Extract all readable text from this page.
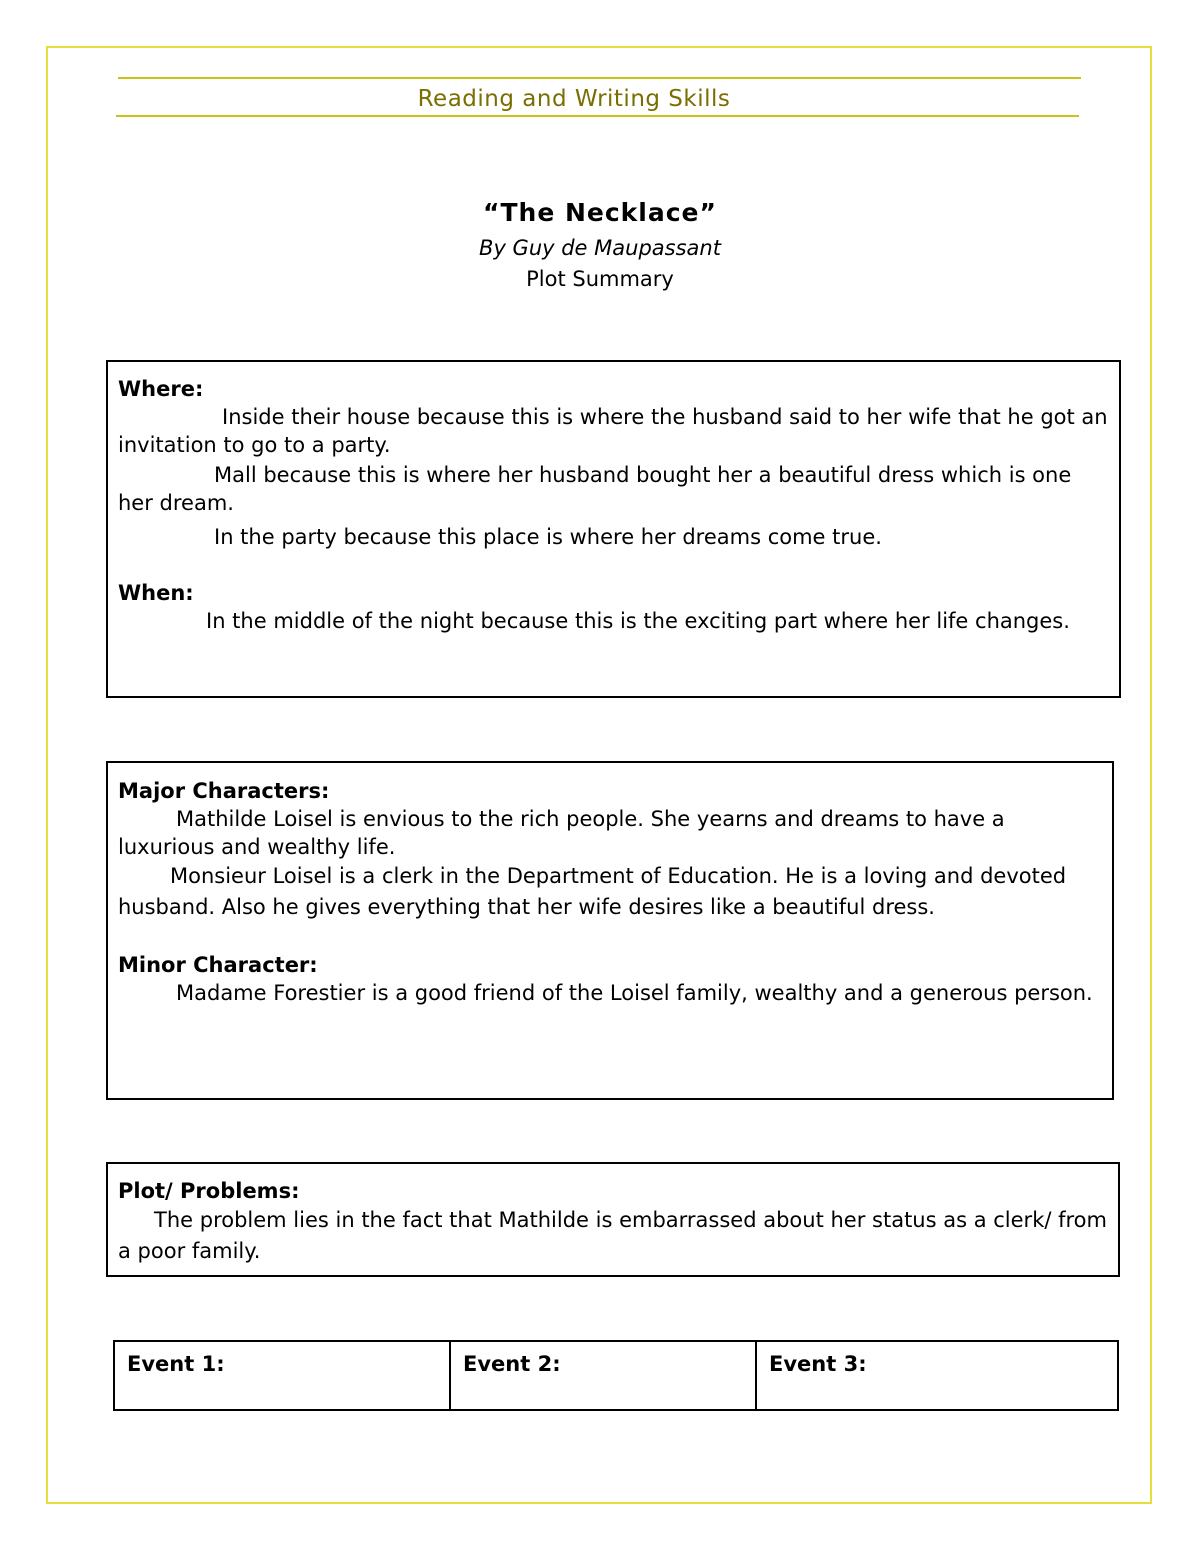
Reading and Writing Skills
“The Necklace”
By Guy de Maupassant
Plot Summary

Where:

Inside their house because this is where the husband said to her wife that he got an invitation to go to a party.

Mall because this is where her husband bought her a beautiful dress which is one her dream.

In the party because this place is where her dreams come true.

When:

In the middle of the night because this is the exciting part where her life changes.

Major Characters:

Mathilde Loisel is envious to the rich people. She yearns and dreams to have a luxurious and wealthy life.

Monsieur Loisel is a clerk in the Department of Education. He is a loving and devoted husband. Also he gives everything that her wife desires like a beautiful dress.

Minor Character:

Madame Forestier is a good friend of the Loisel family, wealthy and a generous person.

Plot/ Problems:

The problem lies in the fact that Mathilde is embarrassed about her status as a clerk/ from a poor family.

Event 1:	Event 2:	Event 3:
